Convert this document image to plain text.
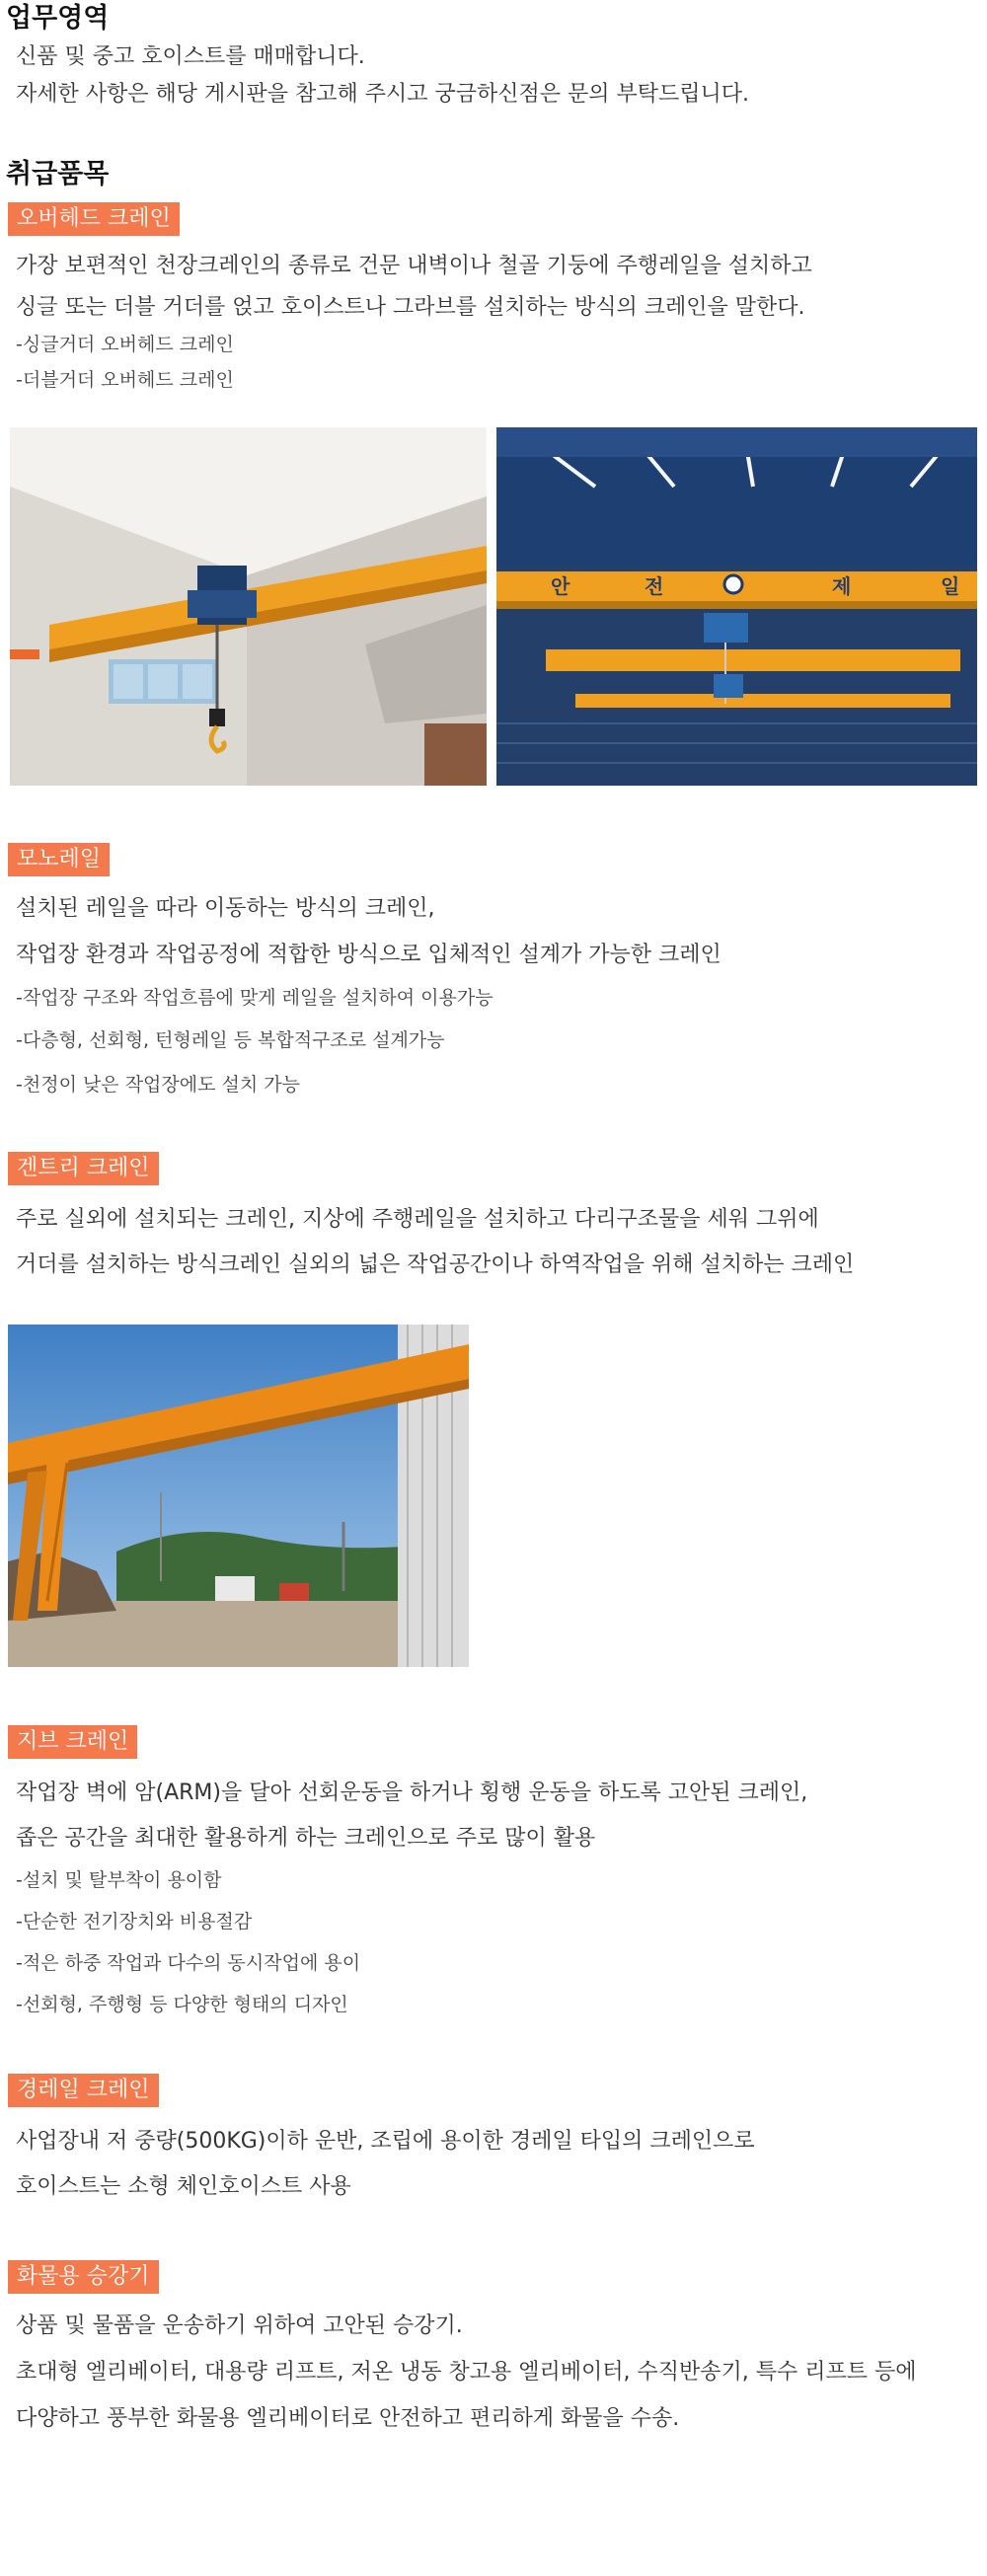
업무영역
신품 및 중고 호이스트를 매매합니다.
자세한 사항은 해당 게시판을 참고해 주시고 궁금하신점은 문의 부탁드립니다.
취급품목
오버헤드 크레인
가장 보편적인 천장크레인의 종류로 건문 내벽이나 철골 기둥에 주행레일을 설치하고
싱글 또는 더블 거더를 얹고 호이스트나 그라브를 설치하는 방식의 크레인을 말한다.
-싱글거더 오버헤드 크레인
-더블거더 오버헤드 크레인
안	전	제	일
모노레일
설치된 레일을 따라 이동하는 방식의 크레인,
작업장 환경과 작업공정에 적합한 방식으로 입체적인 설계가 가능한 크레인
-작업장 구조와 작업흐름에 맞게 레일을 설치하여 이용가능
-다층형, 선회형, 턴형레일 등 복합적구조로 설계가능
-천정이 낮은 작업장에도 설치 가능
겐트리 크레인
주로 실외에 설치되는 크레인, 지상에 주행레일을 설치하고 다리구조물을 세워 그위에
거더를 설치하는 방식크레인 실외의 넓은 작업공간이나 하역작업을 위해 설치하는 크레인
지브 크레인
작업장 벽에 암(ARM)을 달아 선회운동을 하거나 횡행 운동을 하도록 고안된 크레인,
좁은 공간을 최대한 활용하게 하는 크레인으로 주로 많이 활용
-설치 및 탈부착이 용이함
-단순한 전기장치와 비용절감
-적은 하중 작업과 다수의 동시작업에 용이
-선회형, 주행형 등 다양한 형태의 디자인
경레일 크레인
사업장내 저 중량(500KG)이하 운반, 조립에 용이한 경레일 타입의 크레인으로
호이스트는 소형 체인호이스트 사용
화물용 승강기
상품 및 물품을 운송하기 위하여 고안된 승강기.
초대형 엘리베이터, 대용량 리프트, 저온 냉동 창고용 엘리베이터, 수직반송기, 특수 리프트 등에
다양하고 풍부한 화물용 엘리베이터로 안전하고 편리하게 화물을 수송.
